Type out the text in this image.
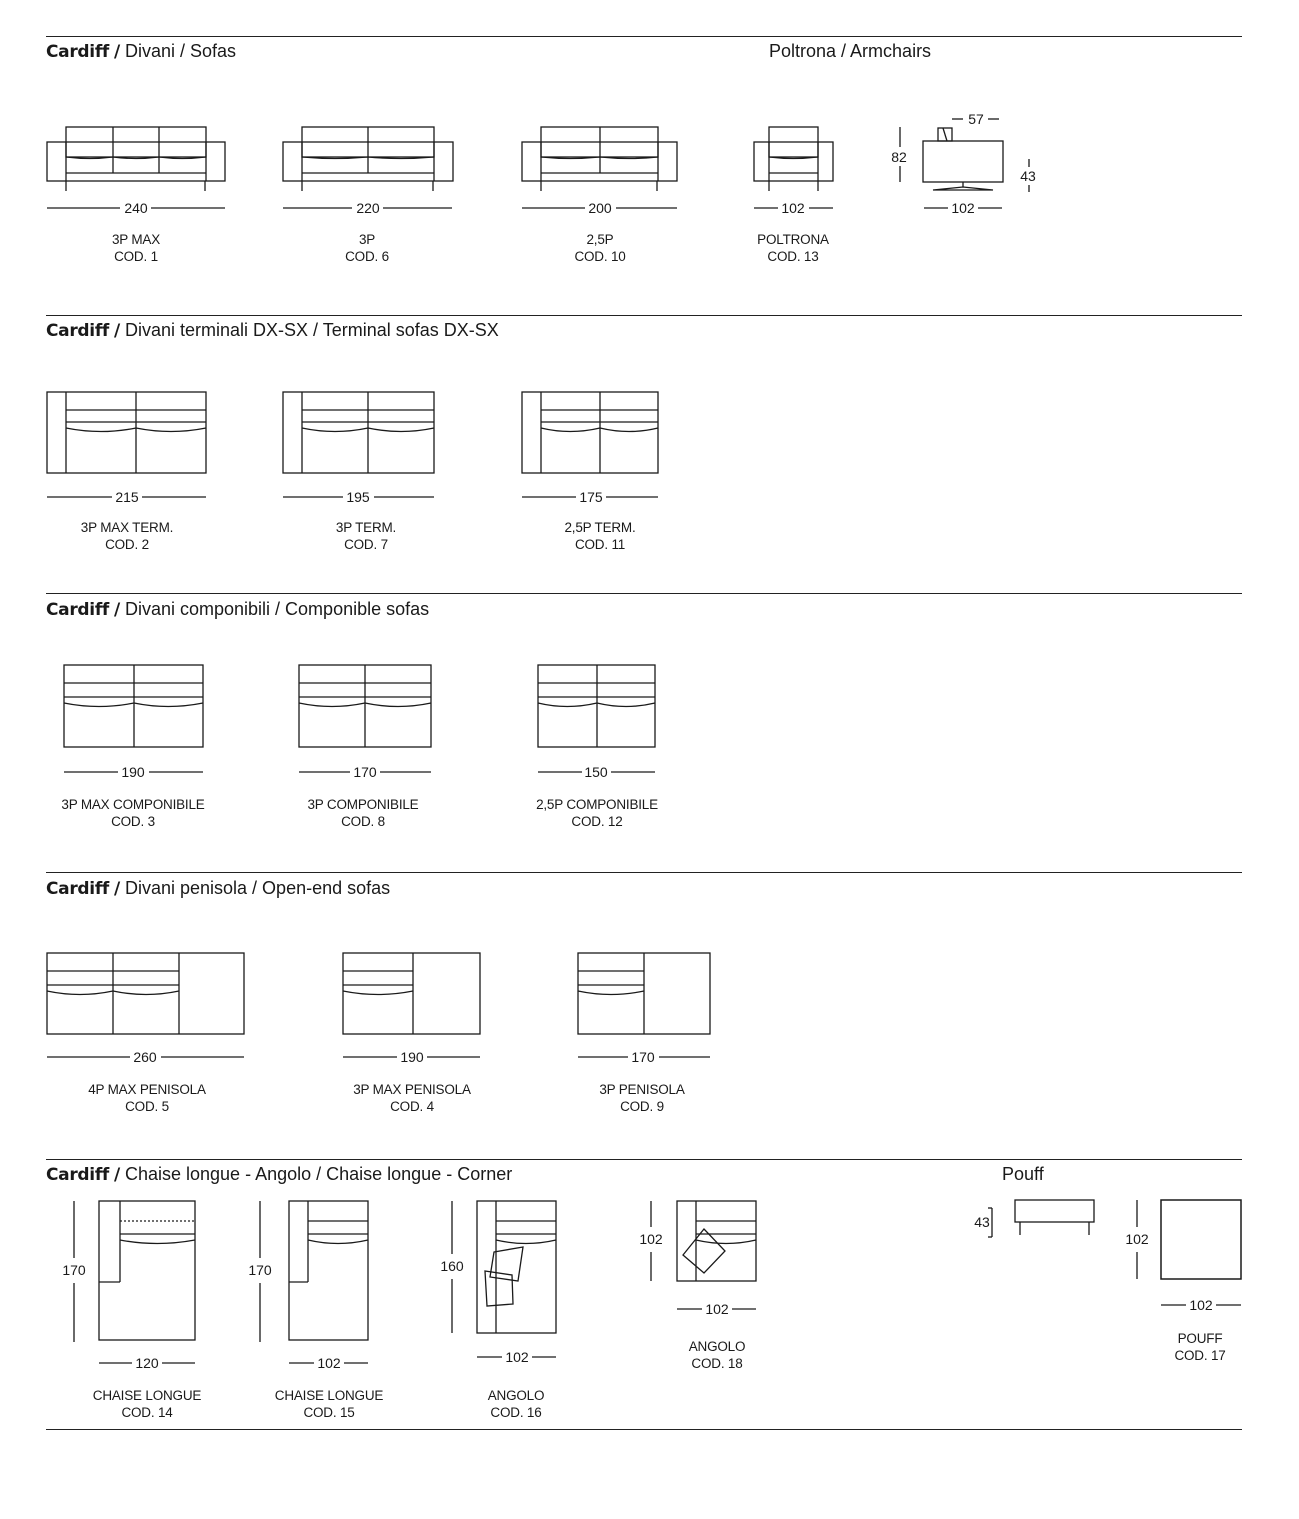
Cardiff / Divani / Sofas	Poltrona / Armchairs
Cardiff / Divani terminali DX-SX / Terminal sofas DX-SX
Cardiff / Divani componibili / Componible sofas
Cardiff / Divani penisola / Open-end sofas
Cardiff / Chaise longue - Angolo / Chaise longue - Corner	Pouff
240	220	200	102
57
82
43
102
215	195	175
190	170	150
260	190	170
170	170	160
102
43
102
120	102	102
102	102
3P MAX
COD. 1
3P
COD. 6
2,5P
COD. 10
POLTRONA
COD. 13
3P MAX TERM.
COD. 2
3P TERM.
COD. 7
2,5P TERM.
COD. 11
3P MAX COMPONIBILE
COD. 3
3P COMPONIBILE
COD. 8
2,5P COMPONIBILE
COD. 12
4P MAX PENISOLA
COD. 5
3P MAX PENISOLA
COD. 4
3P PENISOLA
COD. 9
CHAISE LONGUE
COD. 14
CHAISE LONGUE
COD. 15
ANGOLO
COD. 16
ANGOLO
COD. 18
POUFF
COD. 17
